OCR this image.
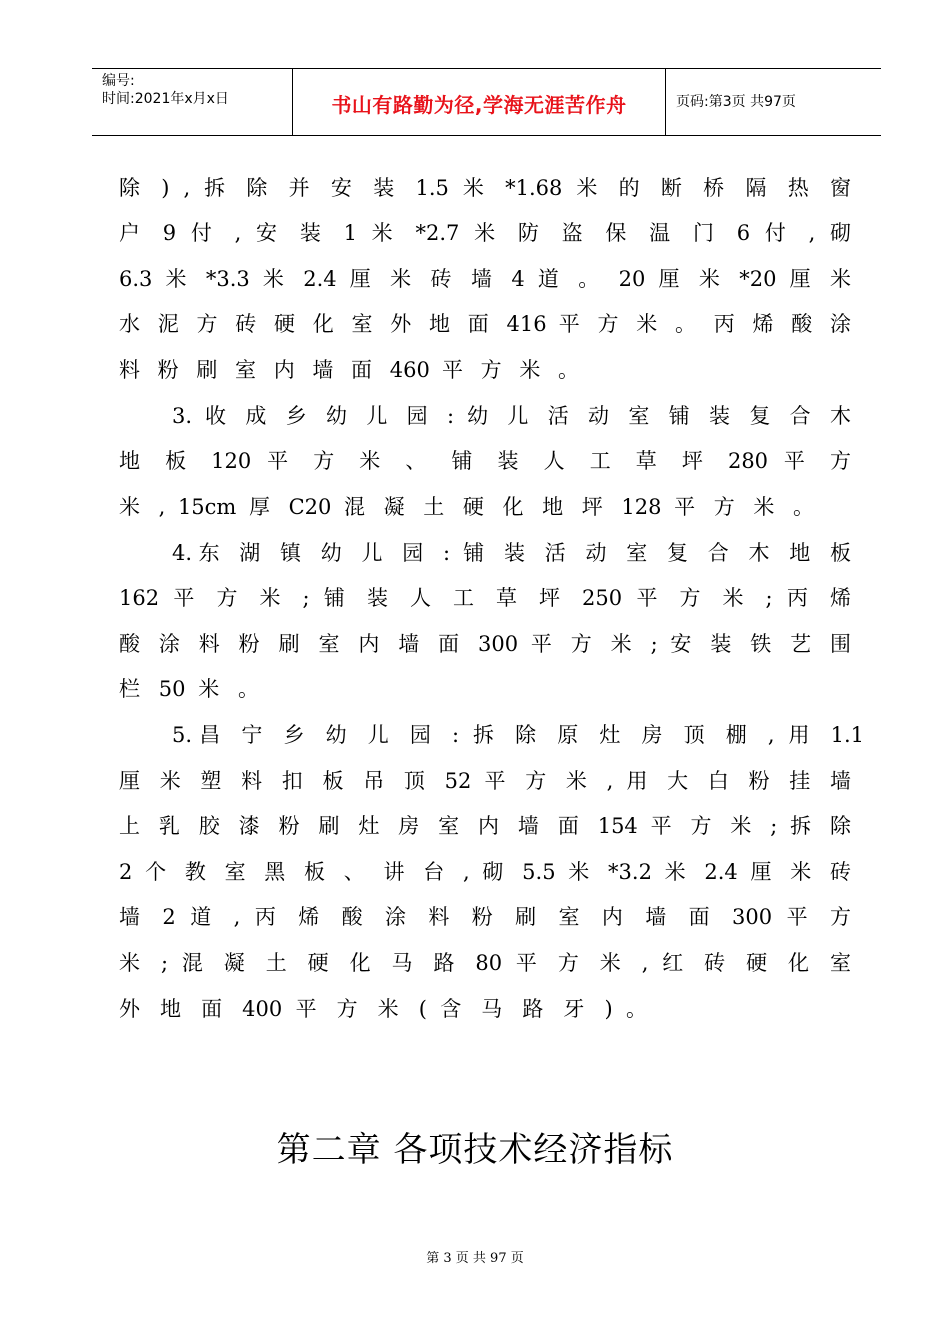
编号:
时间:2021年x月x日	书山有路勤为径,学海无涯苦作舟	页码:第3页 共97页
除 ) , 拆 除 并 安 装 1.5 米 *1.68 米 的 断 桥 隔 热 窗
户 9 付 , 安 装 1 米 *2.7 米 防 盗 保 温 门 6 付 , 砌
6.3 米 *3.3 米 2.4 厘 米 砖 墙 4 道 。 20 厘 米 *20 厘 米
水 泥 方 砖 硬 化 室 外 地 面 416 平 方 米 。 丙 烯 酸 涂
料 粉 刷 室 内 墙 面 460 平 方 米 。
3. 收 成 乡 幼 儿 园 : 幼 儿 活 动 室 铺 装 复 合 木
地 板 120 平 方 米 、 铺 装 人 工 草 坪 280 平 方
米 , 15cm 厚 C20 混 凝 土 硬 化 地 坪 128 平 方 米 。
4.东 湖 镇 幼 儿 园 : 铺 装 活 动 室 复 合 木 地 板
162 平 方 米 ; 铺 装 人 工 草 坪 250 平 方 米 ; 丙 烯
酸 涂 料 粉 刷 室 内 墙 面 300 平 方 米 ; 安 装 铁 艺 围
栏 50 米 。
5.昌 宁 乡 幼 儿 园 : 拆 除 原 灶 房 顶 棚 , 用 1.1
厘 米 塑 料 扣 板 吊 顶 52 平 方 米 , 用 大 白 粉 挂 墙
上 乳 胶 漆 粉 刷 灶 房 室 内 墙 面 154 平 方 米 ; 拆 除
2 个 教 室 黑 板 、 讲 台 , 砌 5.5 米 *3.2 米 2.4 厘 米 砖
墙 2 道 , 丙 烯 酸 涂 料 粉 刷 室 内 墙 面 300 平 方
米 ; 混 凝 土 硬 化 马 路 80 平 方 米 , 红 砖 硬 化 室
外 地 面 400 平 方 米 ( 含 马 路 牙 ) 。
第二章 各项技术经济指标
第 3 页 共 97 页
